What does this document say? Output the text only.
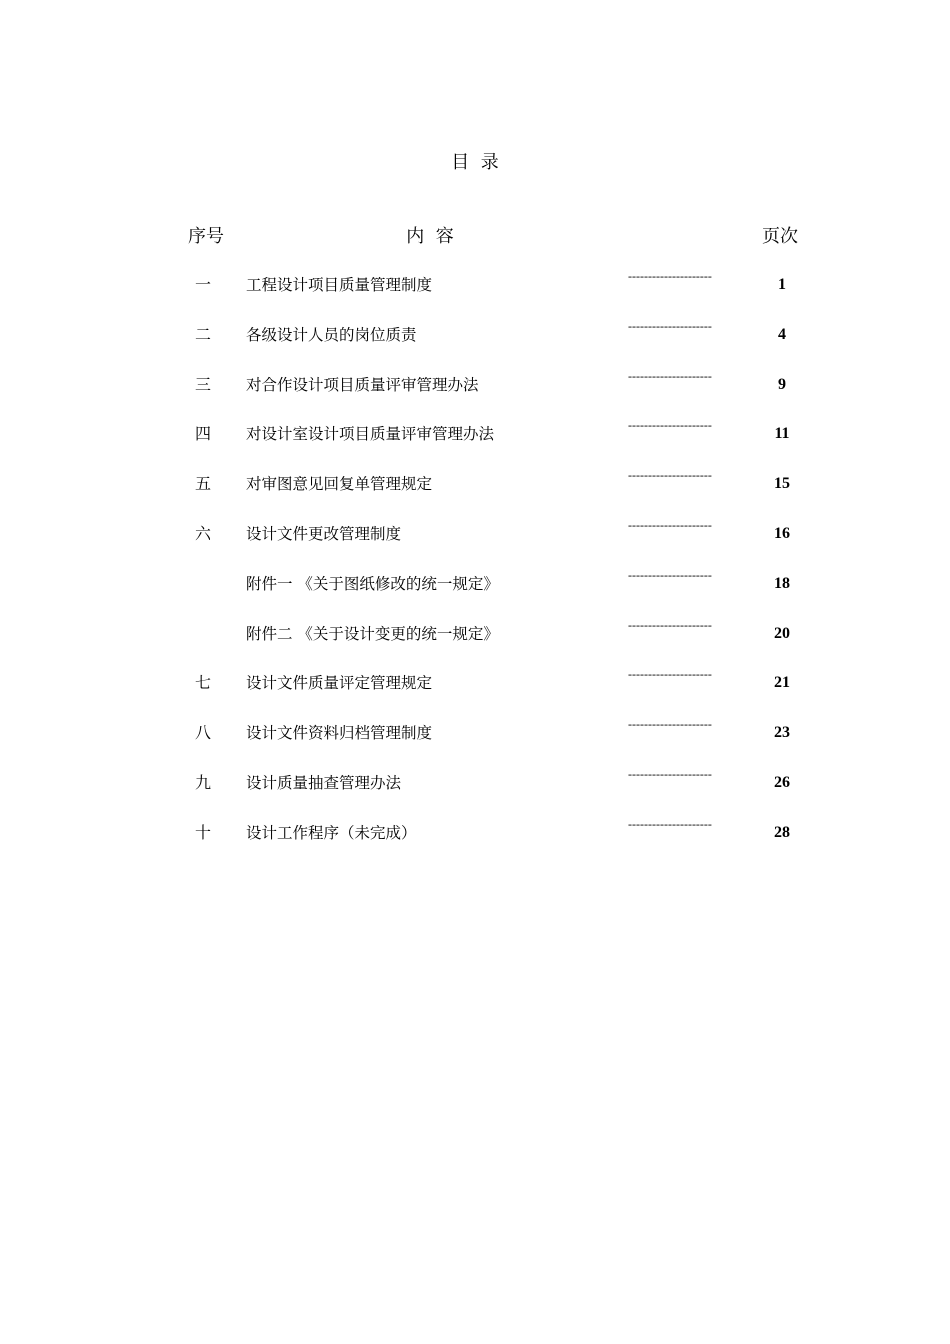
目  录
序号	内  容	页次
一 工程设计项目质量管理制度	---------------------	1
二 各级设计人员的岗位质责	---------------------	4
三 对合作设计项目质量评审管理办法	---------------------	9
四 对设计室设计项目质量评审管理办法	---------------------	11
五 对审图意见回复单管理规定	---------------------	15
六 设计文件更改管理制度	---------------------	16
附件一 《关于图纸修改的统一规定》	---------------------	18
附件二 《关于设计变更的统一规定》	---------------------	20
七 设计文件质量评定管理规定	---------------------	21
八 设计文件资料归档管理制度	---------------------	23
九 设计质量抽查管理办法	---------------------	26
十 设计工作程序（未完成）	---------------------	28
